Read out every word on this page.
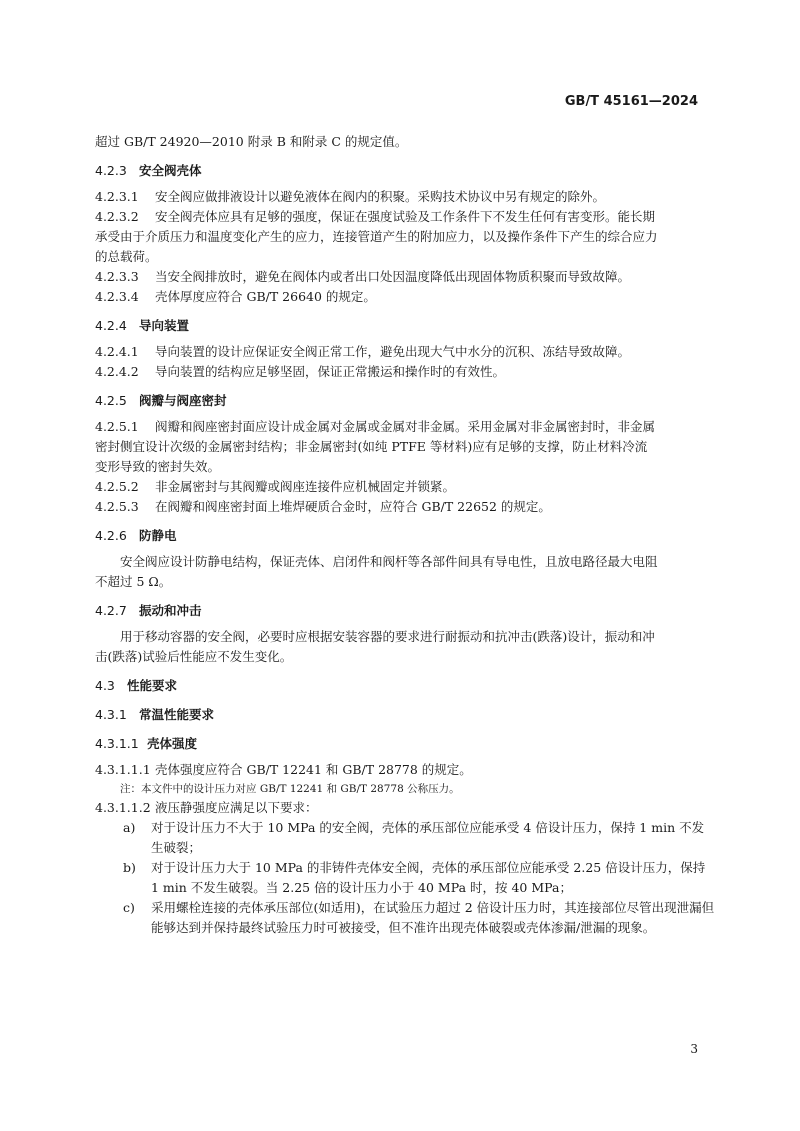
GB/T 45161—2024
超过 GB/T 24920—2010 附录 B 和附录 C 的规定值。
4.2.3 安全阀壳体
4.2.3.1 安全阀应做排液设计以避免液体在阀内的积聚。采购技术协议中另有规定的除外。
4.2.3.2 安全阀壳体应具有足够的强度，保证在强度试验及工作条件下不发生任何有害变形。能长期
承受由于介质压力和温度变化产生的应力，连接管道产生的附加应力，以及操作条件下产生的综合应力
的总载荷。
4.2.3.3 当安全阀排放时，避免在阀体内或者出口处因温度降低出现固体物质积聚而导致故障。
4.2.3.4 壳体厚度应符合 GB/T 26640 的规定。
4.2.4 导向装置
4.2.4.1 导向装置的设计应保证安全阀正常工作，避免出现大气中水分的沉积、冻结导致故障。
4.2.4.2 导向装置的结构应足够坚固，保证正常搬运和操作时的有效性。
4.2.5 阀瓣与阀座密封
4.2.5.1 阀瓣和阀座密封面应设计成金属对金属或金属对非金属。采用金属对非金属密封时，非金属
密封侧宜设计次级的金属密封结构；非金属密封(如纯 PTFE 等材料)应有足够的支撑，防止材料冷流
变形导致的密封失效。
4.2.5.2 非金属密封与其阀瓣或阀座连接件应机械固定并锁紧。
4.2.5.3 在阀瓣和阀座密封面上堆焊硬质合金时，应符合 GB/T 22652 的规定。
4.2.6 防静电
安全阀应设计防静电结构，保证壳体、启闭件和阀杆等各部件间具有导电性，且放电路径最大电阻
不超过 5 Ω。
4.2.7 振动和冲击
用于移动容器的安全阀，必要时应根据安装容器的要求进行耐振动和抗冲击(跌落)设计，振动和冲
击(跌落)试验后性能应不发生变化。
4.3 性能要求
4.3.1 常温性能要求
4.3.1.1 壳体强度
4.3.1.1.1 壳体强度应符合 GB/T 12241 和 GB/T 28778 的规定。
注：本文件中的设计压力对应 GB/T 12241 和 GB/T 28778 公称压力。
4.3.1.1.2 液压静强度应满足以下要求：
a)	对于设计压力不大于 10 MPa 的安全阀，壳体的承压部位应能承受 4 倍设计压力，保持 1 min 不发生破裂；
b)	对于设计压力大于 10 MPa 的非铸件壳体安全阀，壳体的承压部位应能承受 2.25 倍设计压力，保持 1 min 不发生破裂。当 2.25 倍的设计压力小于 40 MPa 时，按 40 MPa；
c)	采用螺栓连接的壳体承压部位(如适用)，在试验压力超过 2 倍设计压力时，其连接部位尽管出现泄漏但能够达到并保持最终试验压力时可被接受，但不准许出现壳体破裂或壳体渗漏/泄漏的现象。
3
